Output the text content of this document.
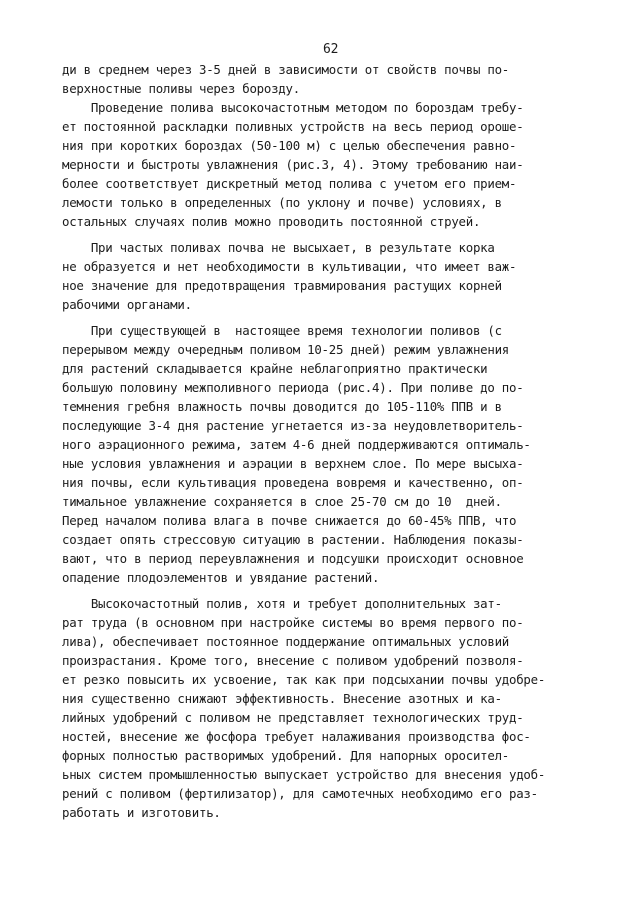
62
ди в среднем через 3-5 дней в зависимости от свойств почвы по-
верхностные поливы через борозду.
Проведение полива высокочастотным методом по бороздам требу-
ет постоянной раскладки поливных устройств на весь период ороше-
ния при коротких бороздах (50-100 м) с целью обеспечения равно-
мерности и быстроты увлажнения (рис.3, 4). Этому требованию наи-
более соответствует дискретный метод полива с учетом его прием-
лемости только в определенных (по уклону и почве) условиях, в
остальных случаях полив можно проводить постоянной струей.
При частых поливах почва не высыхает, в результате корка
не образуется и нет необходимости в культивации, что имеет важ-
ное значение для предотвращения травмирования растущих корней
рабочими органами.
При существующей в  настоящее время технологии поливов (с
перерывом между очередным поливом 10-25 дней) режим увлажнения
для растений складывается крайне неблагоприятно практически
большую половину межполивного периода (рис.4). При поливе до по-
темнения гребня влажность почвы доводится до 105-110% ППВ и в
последующие 3-4 дня растение угнетается из-за неудовлетворитель-
ного аэрационного режима, затем 4-6 дней поддерживаются оптималь-
ные условия увлажнения и аэрации в верхнем слое. По мере высыха-
ния почвы, если культивация проведена вовремя и качественно, оп-
тимальное увлажнение сохраняется в слое 25-70 см до 10  дней.
Перед началом полива влага в почве снижается до 60-45% ППВ, что
создает опять стрессовую ситуацию в растении. Наблюдения показы-
вают, что в период переувлажнения и подсушки происходит основное
опадение плодоэлементов и увядание растений.
Высокочастотный полив, хотя и требует дополнительных зат-
рат труда (в основном при настройке системы во время первого по-
лива), обеспечивает постоянное поддержание оптимальных условий
произрастания. Кроме того, внесение с поливом удобрений позволя-
ет резко повысить их усвоение, так как при подсыхании почвы удобре-
ния существенно снижают эффективность. Внесение азотных и ка-
лийных удобрений с поливом не представляет технологических труд-
ностей, внесение же фосфора требует налаживания производства фос-
форных полностью растворимых удобрений. Для напорных оросител-
ьных систем промышленностью выпускает устройство для внесения удоб-
рений с поливом (фертилизатор), для самотечных необходимо его раз-
работать и изготовить.
